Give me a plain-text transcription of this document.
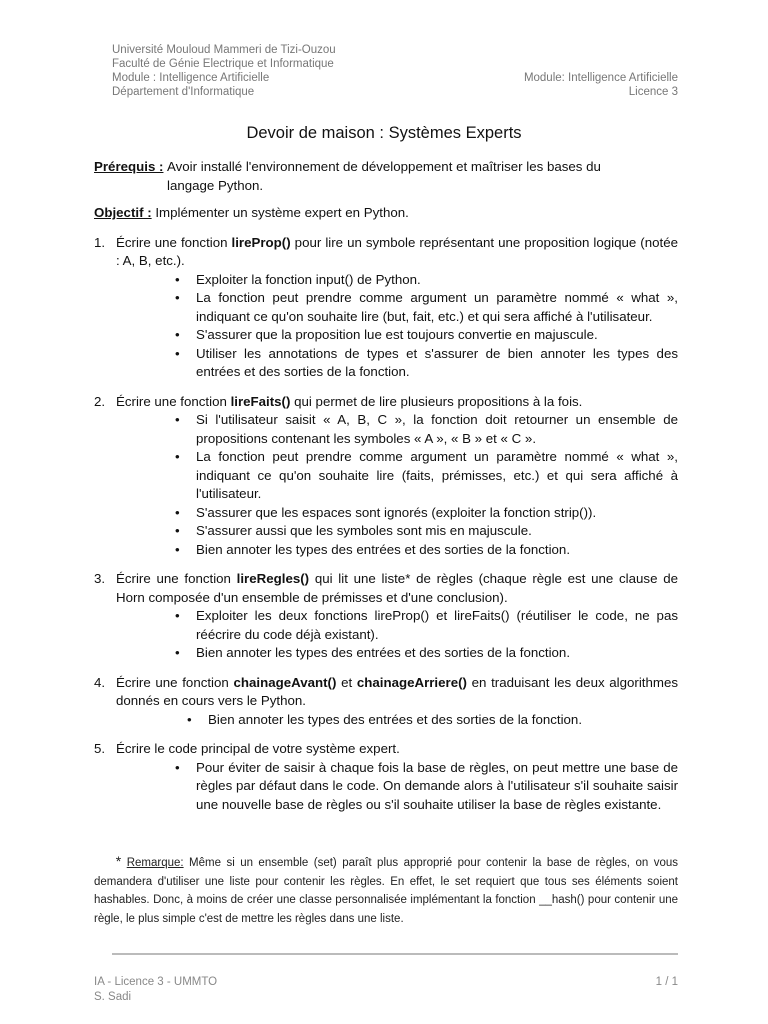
Université Mouloud Mammeri de Tizi-Ouzou
Faculté de Génie Electrique et Informatique
Module : Intelligence Artificielle	Module: Intelligence Artificielle
Département d'Informatique	Licence 3
Devoir de maison : Systèmes Experts
Prérequis : Avoir installé l'environnement de développement et maîtriser les bases du
langage Python.
Objectif : Implémenter un système expert en Python.
1. Écrire une fonction lireProp() pour lire un symbole représentant une proposition logique (notée : A, B, etc.).
• Exploiter la fonction input() de Python.
• La fonction peut prendre comme argument un paramètre nommé « what », indiquant ce qu'on souhaite lire (but, fait, etc.) et qui sera affiché à l'utilisateur.
• S'assurer que la proposition lue est toujours convertie en majuscule.
• Utiliser les annotations de types et s'assurer de bien annoter les types des entrées et des sorties de la fonction.
2. Écrire une fonction lireFaits() qui permet de lire plusieurs propositions à la fois.
• Si l'utilisateur saisit « A, B, C », la fonction doit retourner un ensemble de propositions contenant les symboles « A », « B » et « C ».
• La fonction peut prendre comme argument un paramètre nommé « what », indiquant ce qu'on souhaite lire (faits, prémisses, etc.) et qui sera affiché à l'utilisateur.
• S'assurer que les espaces sont ignorés (exploiter la fonction strip()).
• S'assurer aussi que les symboles sont mis en majuscule.
• Bien annoter les types des entrées et des sorties de la fonction.
3. Écrire une fonction lireRegles() qui lit une liste* de règles (chaque règle est une clause de Horn composée d'un ensemble de prémisses et d'une conclusion).
• Exploiter les deux fonctions lireProp() et lireFaits() (réutiliser le code, ne pas réécrire du code déjà existant).
• Bien annoter les types des entrées et des sorties de la fonction.
4. Écrire une fonction chainageAvant() et chainageArriere() en traduisant les deux algorithmes donnés en cours vers le Python.
• Bien annoter les types des entrées et des sorties de la fonction.
5. Écrire le code principal de votre système expert.
• Pour éviter de saisir à chaque fois la base de règles, on peut mettre une base de règles par défaut dans le code. On demande alors à l'utilisateur s'il souhaite saisir une nouvelle base de règles ou s'il souhaite utiliser la base de règles existante.
* Remarque: Même si un ensemble (set) paraît plus approprié pour contenir la base de règles, on vous demandera d'utiliser une liste pour contenir les règles. En effet, le set requiert que tous ses éléments soient hashables. Donc, à moins de créer une classe personnalisée implémentant la fonction __hash() pour contenir une règle, le plus simple c'est de mettre les règles dans une liste.
IA - Licence 3 - UMMTO	1 / 1
S. Sadi
